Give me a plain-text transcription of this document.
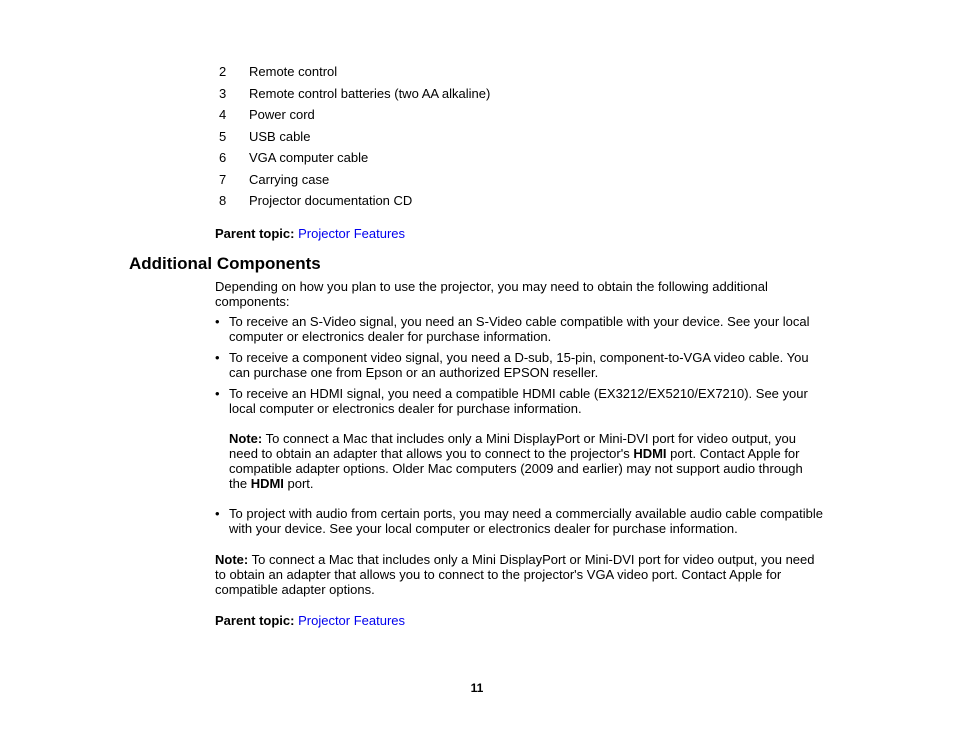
2	Remote control
3	Remote control batteries (two AA alkaline)
4	Power cord
5	USB cable
6	VGA computer cable
7	Carrying case
8	Projector documentation CD
Parent topic: Projector Features
Additional Components

Depending on how you plan to use the projector, you may need to obtain the following additional components:

• To receive an S-Video signal, you need an S-Video cable compatible with your device. See your local computer or electronics dealer for purchase information.
• To receive a component video signal, you need a D-sub, 15-pin, component-to-VGA video cable. You can purchase one from Epson or an authorized EPSON reseller.
• To receive an HDMI signal, you need a compatible HDMI cable (EX3212/EX5210/EX7210). See your local computer or electronics dealer for purchase information.

Note: To connect a Mac that includes only a Mini DisplayPort or Mini-DVI port for video output, you need to obtain an adapter that allows you to connect to the projector's HDMI port. Contact Apple for compatible adapter options. Older Mac computers (2009 and earlier) may not support audio through the HDMI port.

• To project with audio from certain ports, you may need a commercially available audio cable compatible with your device. See your local computer or electronics dealer for purchase information.

Note: To connect a Mac that includes only a Mini DisplayPort or Mini-DVI port for video output, you need to obtain an adapter that allows you to connect to the projector's VGA video port. Contact Apple for compatible adapter options.

Parent topic: Projector Features
11
